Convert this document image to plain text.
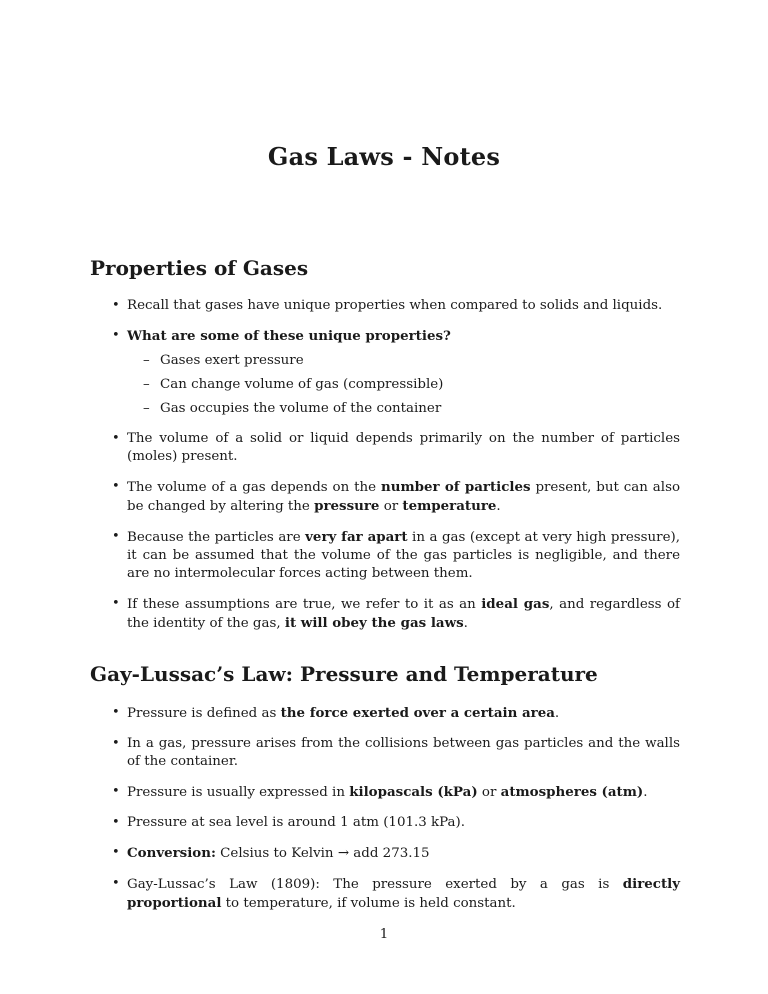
Gas Laws - Notes
Properties of Gases
• Recall that gases have unique properties when compared to solids and liquids.
• What are some of these unique properties?
– Gases exert pressure
– Can change volume of gas (compressible)
– Gas occupies the volume of the container
• The volume of a solid or liquid depends primarily on the number of particles (moles) present.
• The volume of a gas depends on the number of particles present, but can also be changed by altering the pressure or temperature.
• Because the particles are very far apart in a gas (except at very high pressure), it can be assumed that the volume of the gas particles is negligible, and there are no intermolecular forces acting between them.
• If these assumptions are true, we refer to it as an ideal gas, and regardless of the identity of the gas, it will obey the gas laws.
Gay-Lussac’s Law: Pressure and Temperature
• Pressure is defined as the force exerted over a certain area.
• In a gas, pressure arises from the collisions between gas particles and the walls of the container.
• Pressure is usually expressed in kilopascals (kPa) or atmospheres (atm).
• Pressure at sea level is around 1 atm (101.3 kPa).
• Conversion: Celsius to Kelvin → add 273.15
• Gay-Lussac’s Law (1809): The pressure exerted by a gas is directly proportional to temperature, if volume is held constant.
1
